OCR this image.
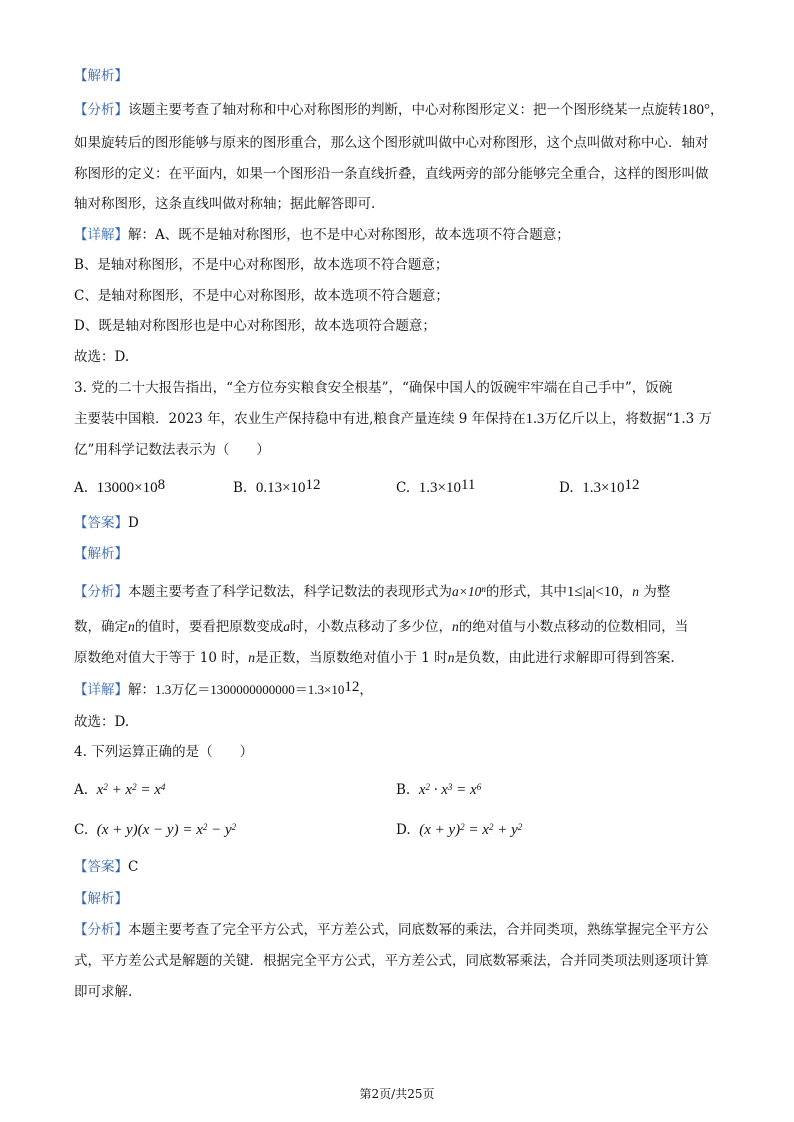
【解析】
【分析】该题主要考查了轴对称和中心对称图形的判断，中心对称图形定义：把一个图形绕某一点旋转180°，
如果旋转后的图形能够与原来的图形重合，那么这个图形就叫做中心对称图形，这个点叫做对称中心．轴对
称图形的定义：在平面内，如果一个图形沿一条直线折叠，直线两旁的部分能够完全重合，这样的图形叫做
轴对称图形，这条直线叫做对称轴；据此解答即可.
【详解】解：A、既不是轴对称图形，也不是中心对称图形，故本选项不符合题意；
B、是轴对称图形，不是中心对称图形，故本选项不符合题意；
C、是轴对称图形，不是中心对称图形，故本选项不符合题意；
D、既是轴对称图形也是中心对称图形，故本选项符合题意；
故选：D.
3. 党的二十大报告指出，“全方位夯实粮食安全根基”，“确保中国人的饭碗牢牢端在自己手中”，饭碗
主要装中国粮．2023 年，农业生产保持稳中有进,粮食产量连续 9 年保持在1.3万亿斤以上，将数据“1.3 万
亿”用科学记数法表示为（　　）
A. $13000\times 10^8$	B. $0.13\times 10^{12}$	C. $1.3\times 10^{11}$	D. $1.3\times 10^{12}$
【答案】D
【解析】
【分析】本题主要考查了科学记数法，科学记数法的表现形式为$a\times 10^n$的形式，其中1≤|a|<10，n 为整
数，确定n的值时，要看把原数变成a时，小数点移动了多少位，n的绝对值与小数点移动的位数相同，当
原数绝对值大于等于 10 时，n是正数，当原数绝对值小于 1 时n是负数，由此进行求解即可得到答案.
【详解】解：1.3万亿$=1300000000000=1.3\times 10^{12}$，
故选：D.
4. 下列运算正确的是（　　）
A. $x^2 + x^2 = x^4$	B. $x^2 \cdot x^3 = x^6$
C. $(x + y)(x - y) = x^2 - y^2$	D. $(x + y)^2 = x^2 + y^2$
【答案】C
【解析】
【分析】本题主要考查了完全平方公式，平方差公式，同底数幂的乘法，合并同类项，熟练掌握完全平方公
式，平方差公式是解题的关键．根据完全平方公式，平方差公式，同底数幂乘法，合并同类项法则逐项计算
即可求解.
第2页/共25页
